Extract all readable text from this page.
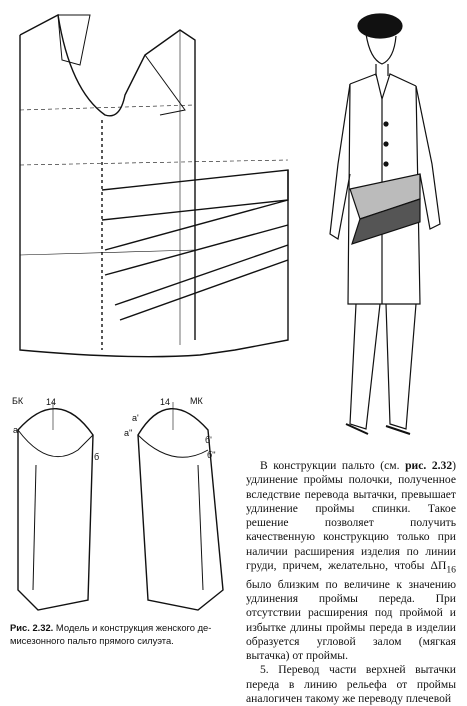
БК	МК
14	14
а
а'
а''
б
б'
б''
Рис. 2.32. Модель и конструкция женского де-
мисезонного пальто прямого силуэта.

В конструкции пальто (см. рис. 2.32) удлинение проймы полочки, полученное вследствие перевода вытачки, превышает удлинение проймы спинки. Такое решение позволяет получить качественную конструкцию только при наличии расширения изделия по линии груди, причем, желательно, чтобы $\Delta П_{16}$ было близким по величине к значению удлинения проймы переда. При отсутствии расширения под проймой и избытке длины проймы переда в изделии образуется угловой залом (мягкая вытачка) от проймы.

5. Перевод части верхней вытачки переда в линию рельефа от проймы аналогичен такому же переводу плечевой
